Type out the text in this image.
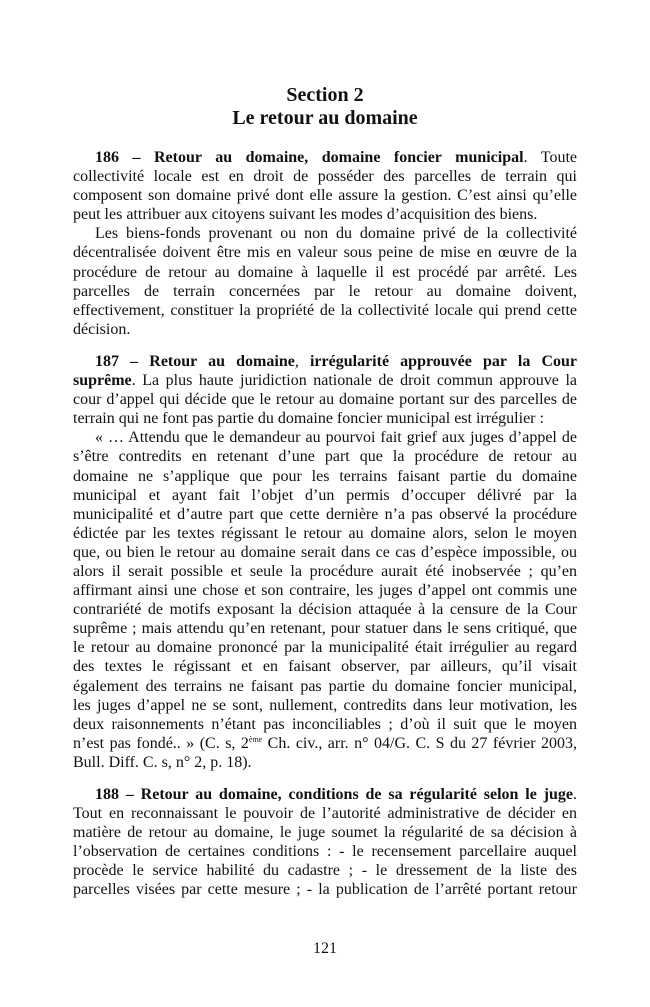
Section 2
Le retour au domaine
186 – Retour au domaine, domaine foncier municipal. Toute
collectivité locale est en droit de posséder des parcelles de terrain qui
composent son domaine privé dont elle assure la gestion. C’est ainsi qu’elle
peut les attribuer aux citoyens suivant les modes d’acquisition des biens.
Les biens-fonds provenant ou non du domaine privé de la collectivité
décentralisée doivent être mis en valeur sous peine de mise en œuvre de la
procédure de retour au domaine à laquelle il est procédé par arrêté. Les
parcelles de terrain concernées par le retour au domaine doivent,
effectivement, constituer la propriété de la collectivité locale qui prend cette
décision.
187 – Retour au domaine, irrégularité approuvée par la Cour
suprême. La plus haute juridiction nationale de droit commun approuve la
cour d’appel qui décide que le retour au domaine portant sur des parcelles de
terrain qui ne font pas partie du domaine foncier municipal est irrégulier :
« … Attendu que le demandeur au pourvoi fait grief aux juges d’appel de
s’être contredits en retenant d’une part que la procédure de retour au
domaine ne s’applique que pour les terrains faisant partie du domaine
municipal et ayant fait l’objet d’un permis d’occuper délivré par la
municipalité et d’autre part que cette dernière n’a pas observé la procédure
édictée par les textes régissant le retour au domaine alors, selon le moyen
que, ou bien le retour au domaine serait dans ce cas d’espèce impossible, ou
alors il serait possible et seule la procédure aurait été inobservée ; qu’en
affirmant ainsi une chose et son contraire, les juges d’appel ont commis une
contrariété de motifs exposant la décision attaquée à la censure de la Cour
suprême ; mais attendu qu’en retenant, pour statuer dans le sens critiqué, que
le retour au domaine prononcé par la municipalité était irrégulier au regard
des textes le régissant et en faisant observer, par ailleurs, qu’il visait
également des terrains ne faisant pas partie du domaine foncier municipal,
les juges d’appel ne se sont, nullement, contredits dans leur motivation, les
deux raisonnements n’étant pas inconciliables ; d’où il suit que le moyen
n’est pas fondé.. » (C. s, 2ème Ch. civ., arr. n° 04/G. C. S du 27 février 2003,
Bull. Diff. C. s, n° 2, p. 18).
188 – Retour au domaine, conditions de sa régularité selon le juge.
Tout en reconnaissant le pouvoir de l’autorité administrative de décider en
matière de retour au domaine, le juge soumet la régularité de sa décision à
l’observation de certaines conditions : - le recensement parcellaire auquel
procède le service habilité du cadastre ; - le dressement de la liste des
parcelles visées par cette mesure ; - la publication de l’arrêté portant retour
121
